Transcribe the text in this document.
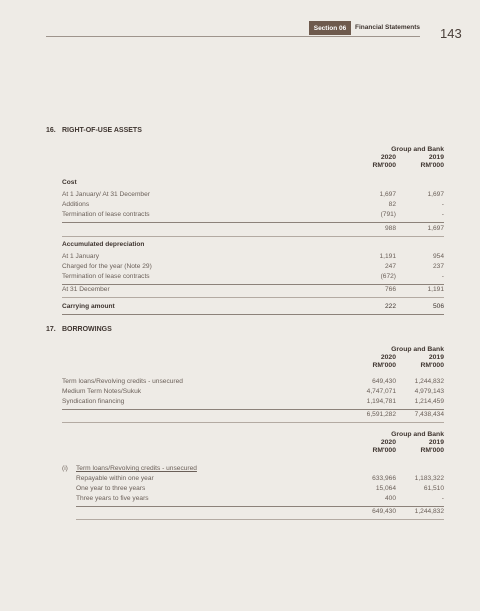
Section 06	Financial Statements 143
16. RIGHT-OF-USE ASSETS
Group and Bank
2020	2019
RM'000	RM'000
Cost
At 1 January/ At 31 December	1,697	1,697
Additions	82	-
Termination of lease contracts	(791)	-
988	1,697
Accumulated depreciation
At 1 January	1,191	954
Charged for the year (Note 29)	247	237
Termination of lease contracts	(672)	-
At 31 December	766	1,191
Carrying amount	222	506
17. BORROWINGS
Group and Bank
2020	2019
RM'000	RM'000
Term loans/Revolving credits - unsecured	649,430	1,244,832
Medium Term Notes/Sukuk	4,747,071	4,979,143
Syndication financing	1,194,781	1,214,459
6,591,282	7,438,434
Group and Bank
2020	2019
RM'000	RM'000
(i) Term loans/Revolving credits - unsecured
Repayable within one year	633,966	1,183,322
One year to three years	15,064	61,510
Three years to five years	400	-
649,430	1,244,832
